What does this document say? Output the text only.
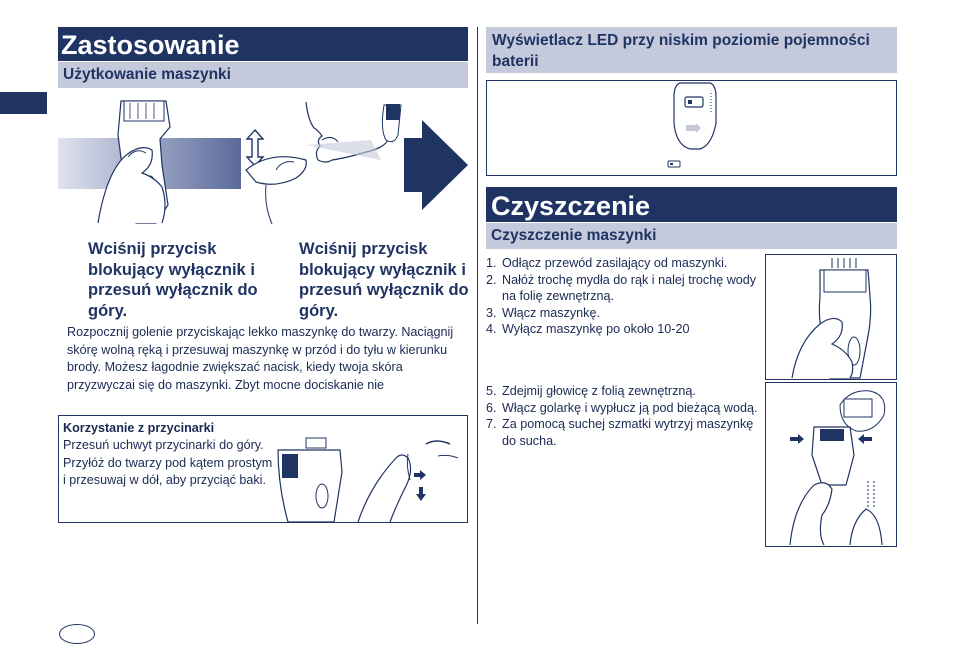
Zastosowanie
Użytkowanie maszynki
Wciśnij przycisk blokujący wyłącznik i przesuń wyłącznik do góry.
Wciśnij przycisk blokujący wyłącznik i przesuń wyłącznik do góry.
Rozpocznij golenie przyciskając lekko maszynkę do twarzy. Naciągnij skórę wolną ręką i przesuwaj maszynkę w przód i do tyłu w kierunku brody. Możesz łagodnie zwiększać nacisk, kiedy twoja skóra przyzwyczai się do maszynki. Zbyt mocne dociskanie nie
Korzystanie z przycinarki
Przesuń uchwyt przycinarki do góry. Przyłóż do twarzy pod kątem prostym i przesuwaj w dół, aby przyciąć baki.
Wyświetlacz LED przy niskim poziomie pojemności baterii
Czyszczenie
Czyszczenie maszynki
1. Odłącz przewód zasilający od maszynki.
2. Nałóż trochę mydła do rąk i nalej trochę wody na folię zewnętrzną.
3. Włącz maszynkę.
4. Wyłącz maszynkę po około 10-20
5. Zdejmij głowicę z folią zewnętrzną.
6. Włącz golarkę i wypłucz ją pod bieżącą wodą.
7. Za pomocą suchej szmatki wytrzyj maszynkę do sucha.
